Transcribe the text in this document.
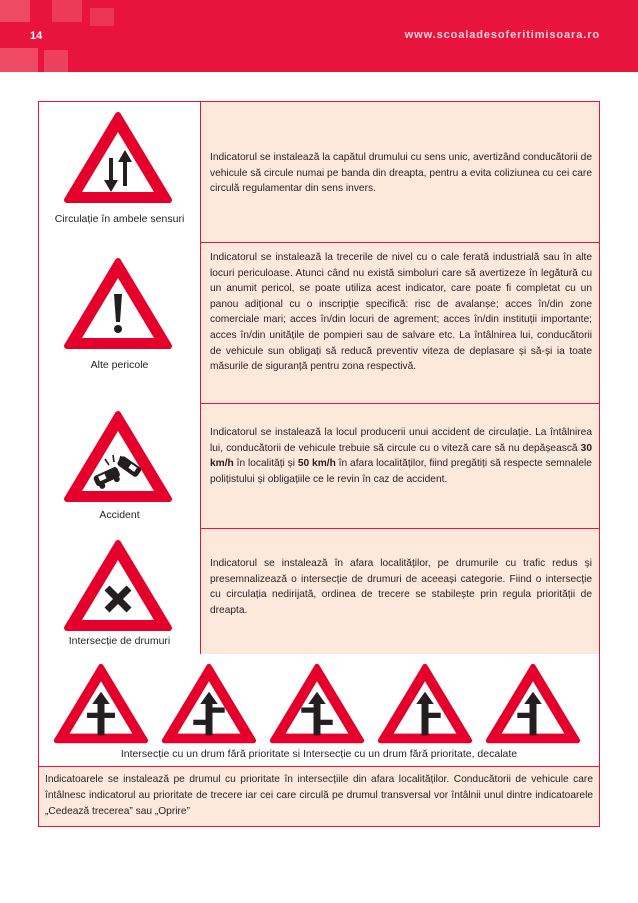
14	www.scoaladesoferitimisoara.ro
Circulație în ambele sensuri
Indicatorul se instalează la capătul drumului cu sens unic, avertizând conducătorii de vehicule să circule numai pe banda din dreapta, pentru a evita coliziunea cu cei care circulă regulamentar din sens invers.
Alte pericole
Indicatorul se instalează la trecerile de nivel cu o cale ferată industrială sau în alte locuri periculoase. Atunci când nu există simboluri care să avertizeze în legătură cu un anumit pericol, se poate utiliza acest indicator, care poate fi completat cu un panou adițional cu o inscripție specifică: risc de avalanșe; acces în/din zone comerciale mari; acces în/din locuri de agrement; acces în/din instituții importante; acces în/din unitățile de pompieri sau de salvare etc. La întâlnirea lui, conducătorii de vehicule sun obligați să reducă preventiv viteza de deplasare și să-și ia toate măsurile de siguranță pentru zona respectivă.
Accident
Indicatorul se instalează la locul producerii unui accident de circulație. La întâlnirea lui, conducătorii de vehicule trebuie să circule cu o viteză care să nu depășească 30 km/h în localități și 50 km/h în afara localităților, fiind pregătiți să respecte semnalele polițistului și obligațiile ce le revin în caz de accident.
Intersecție de drumuri
Indicatorul se instalează în afara localităților, pe drumurile cu trafic redus și presemnalizează o intersecție de drumuri de aceeași categorie. Fiind o intersecție cu circulația nedirijată, ordinea de trecere se stabilește prin regula priorității de dreapta.
Intersecție cu un drum fără prioritate si Intersecție cu un drum fără prioritate, decalate
Indicatoarele se instalează pe drumul cu prioritate în intersecțiile din afara localităților. Conducătorii de vehicule care întâlnesc indicatorul au prioritate de trecere iar cei care circulă pe drumul transversal vor întâlnii unul dintre indicatoarele „Cedează trecerea” sau „Oprire”
